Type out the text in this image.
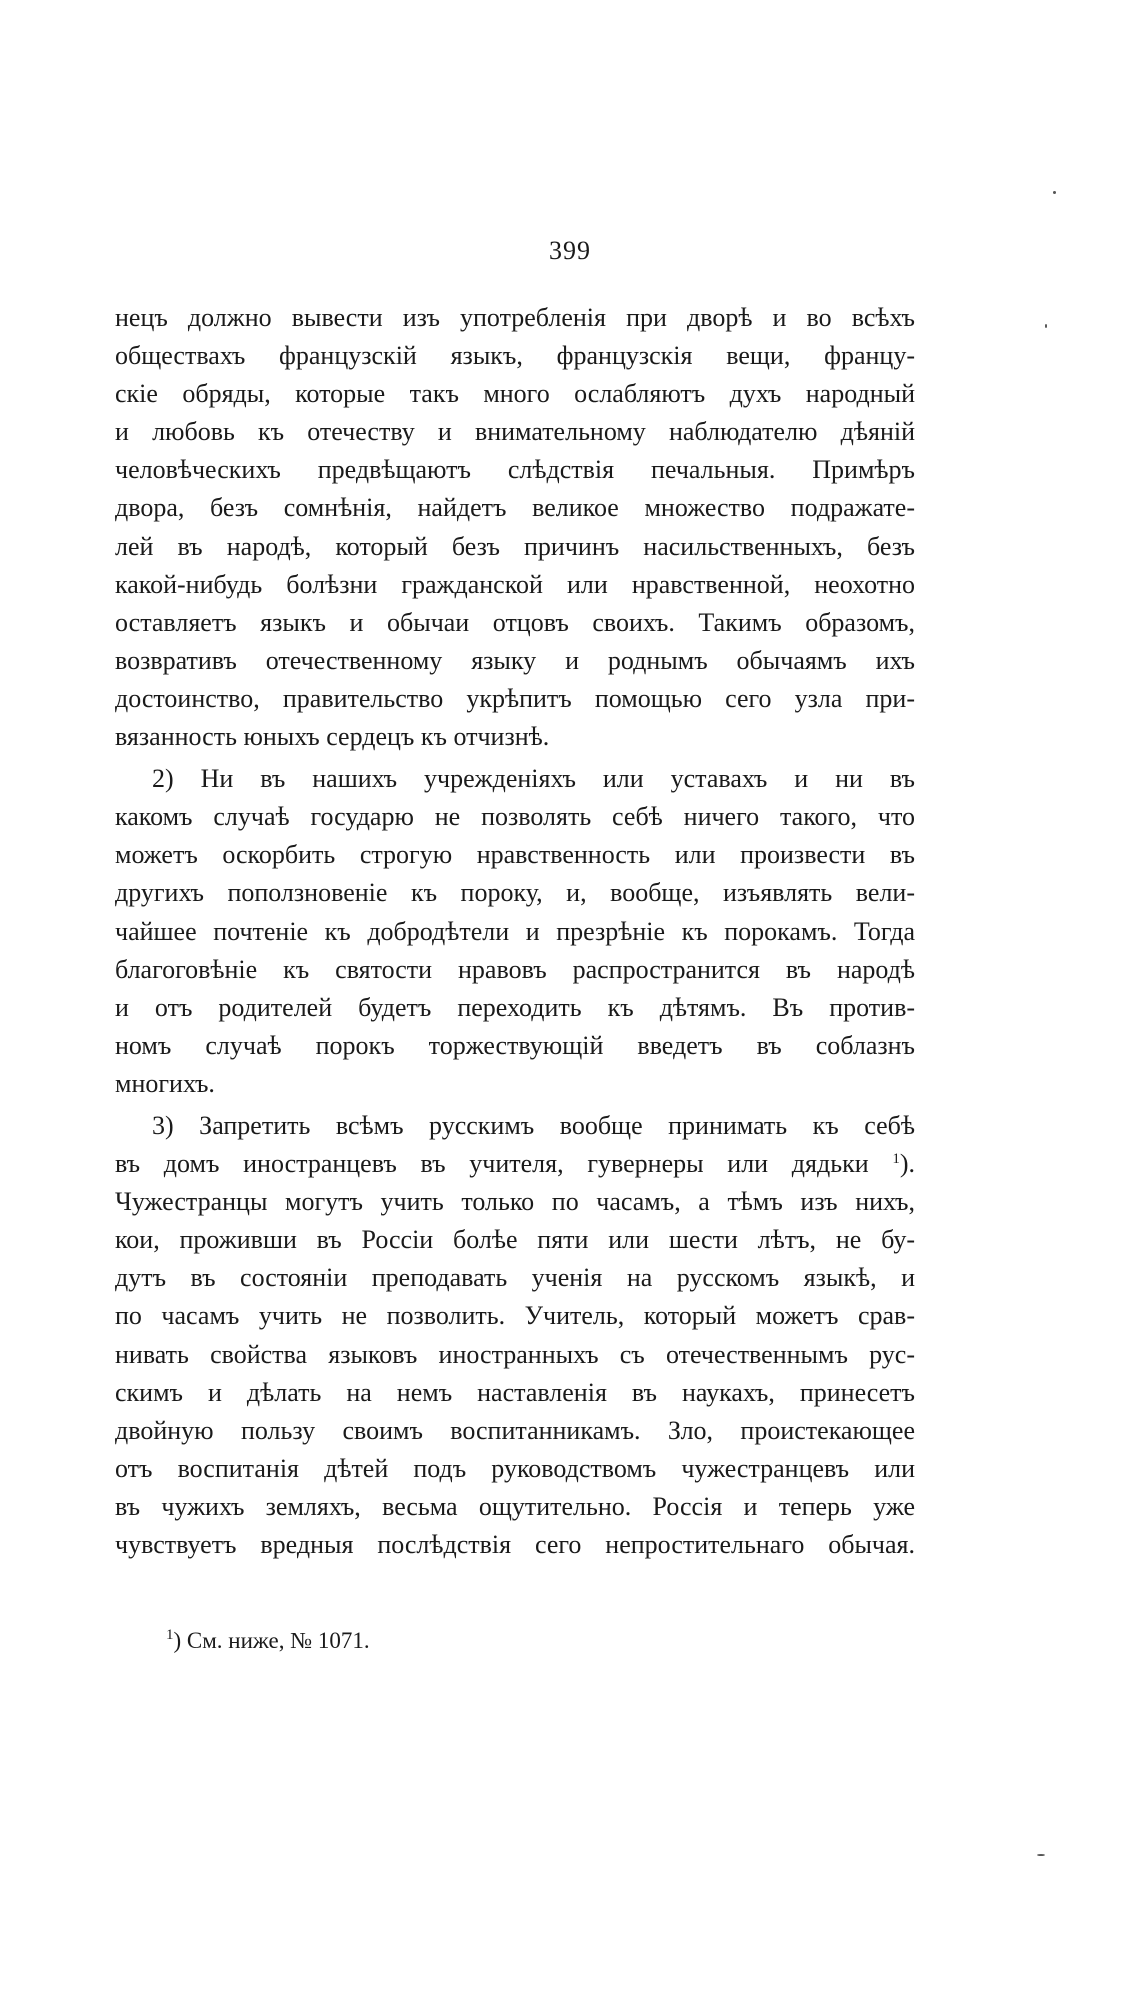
399
нецъ должно вывести изъ употребленія при дворѣ и во всѣхъ
обществахъ французскій языкъ, французскія вещи, францу-
скіе обряды, которые такъ много ослабляютъ духъ народный
и любовь къ отечеству и внимательному наблюдателю дѣяній
человѣческихъ предвѣщаютъ слѣдствія печальныя. Примѣръ
двора, безъ сомнѣнія, найдетъ великое множество подражате-
лей въ народѣ, который безъ причинъ насильственныхъ, безъ
какой-нибудь болѣзни гражданской или нравственной, неохотно
оставляетъ языкъ и обычаи отцовъ своихъ. Такимъ образомъ,
возвративъ отечественному языку и роднымъ обычаямъ ихъ
достоинство, правительство укрѣпитъ помощью сего узла при-
вязанность юныхъ сердецъ къ отчизнѣ.
2) Ни въ нашихъ учрежденіяхъ или уставахъ и ни въ
какомъ случаѣ государю не позволять себѣ ничего такого, что
можетъ оскорбить строгую нравственность или произвести въ
другихъ поползновеніе къ пороку, и, вообще, изъявлять вели-
чайшее почтеніе къ добродѣтели и презрѣніе къ порокамъ. Тогда
благоговѣніе къ святости нравовъ распространится въ народѣ
и отъ родителей будетъ переходить къ дѣтямъ. Въ против-
номъ случаѣ порокъ торжествующій введетъ въ соблазнъ
многихъ.
3) Запретить всѣмъ русскимъ вообще принимать къ себѣ
въ домъ иностранцевъ въ учителя, гувернеры или дядьки $^1$).
Чужестранцы могутъ учить только по часамъ, а тѣмъ изъ нихъ,
кои, проживши въ Россіи болѣе пяти или шести лѣтъ, не бу-
дутъ въ состояніи преподавать ученія на русскомъ языкѣ, и
по часамъ учить не позволить. Учитель, который можетъ срав-
нивать свойства языковъ иностранныхъ съ отечественнымъ рус-
скимъ и дѣлать на немъ наставленія въ наукахъ, принесетъ
двойную пользу своимъ воспитанникамъ. Зло, проистекающее
отъ воспитанія дѣтей подъ руководствомъ чужестранцевъ или
въ чужихъ земляхъ, весьма ощутительно. Россія и теперь уже
чувствуетъ вредныя послѣдствія сего непростительнаго обычая.
$^1$) См. ниже, № 1071.
